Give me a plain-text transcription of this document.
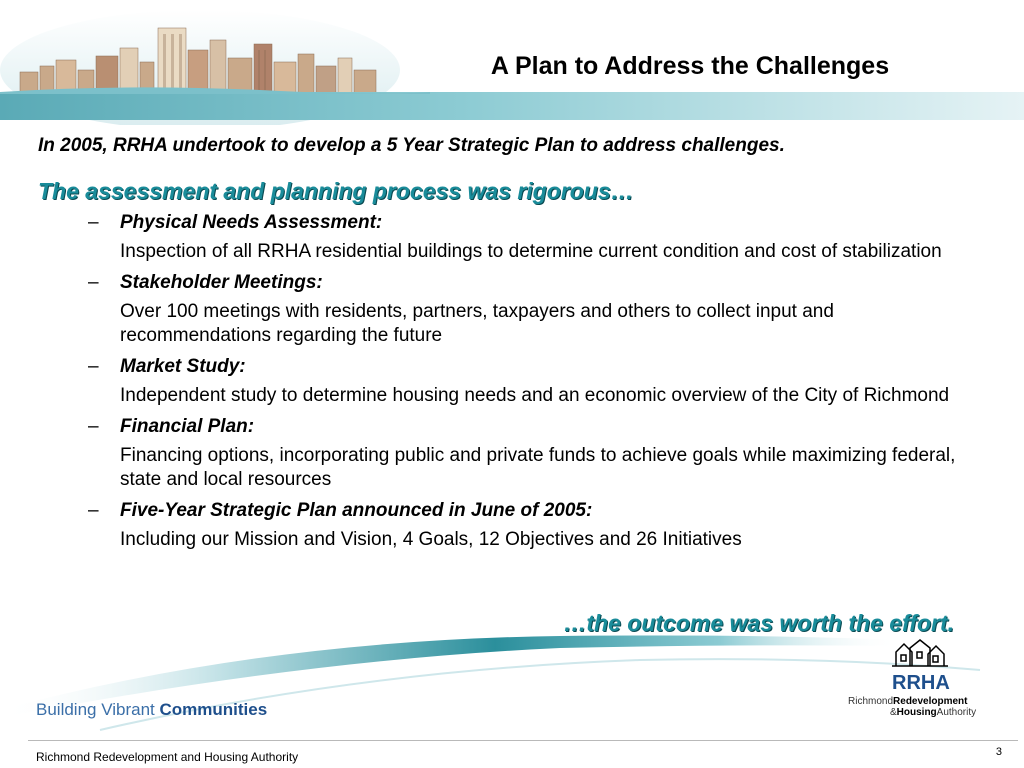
A Plan to Address the Challenges
In 2005, RRHA undertook to develop a 5 Year Strategic Plan to address challenges.
The assessment and planning process was rigorous…
– Physical Needs Assessment:
Inspection of all RRHA residential buildings to determine current condition and cost of stabilization
– Stakeholder Meetings:
Over 100 meetings with residents, partners, taxpayers and others to collect input and recommendations regarding the future
– Market Study:
Independent study to determine housing needs and an economic overview of the City of Richmond
– Financial Plan:
Financing options, incorporating public and private funds to achieve goals while maximizing federal, state and local resources
– Five-Year Strategic Plan announced in June of 2005:
Including our Mission and Vision, 4 Goals, 12 Objectives and 26 Initiatives
…the outcome was worth the effort.
Building Vibrant Communities
RRHA
RichmondRedevelopment
&HousingAuthority
Richmond Redevelopment and Housing Authority	3
